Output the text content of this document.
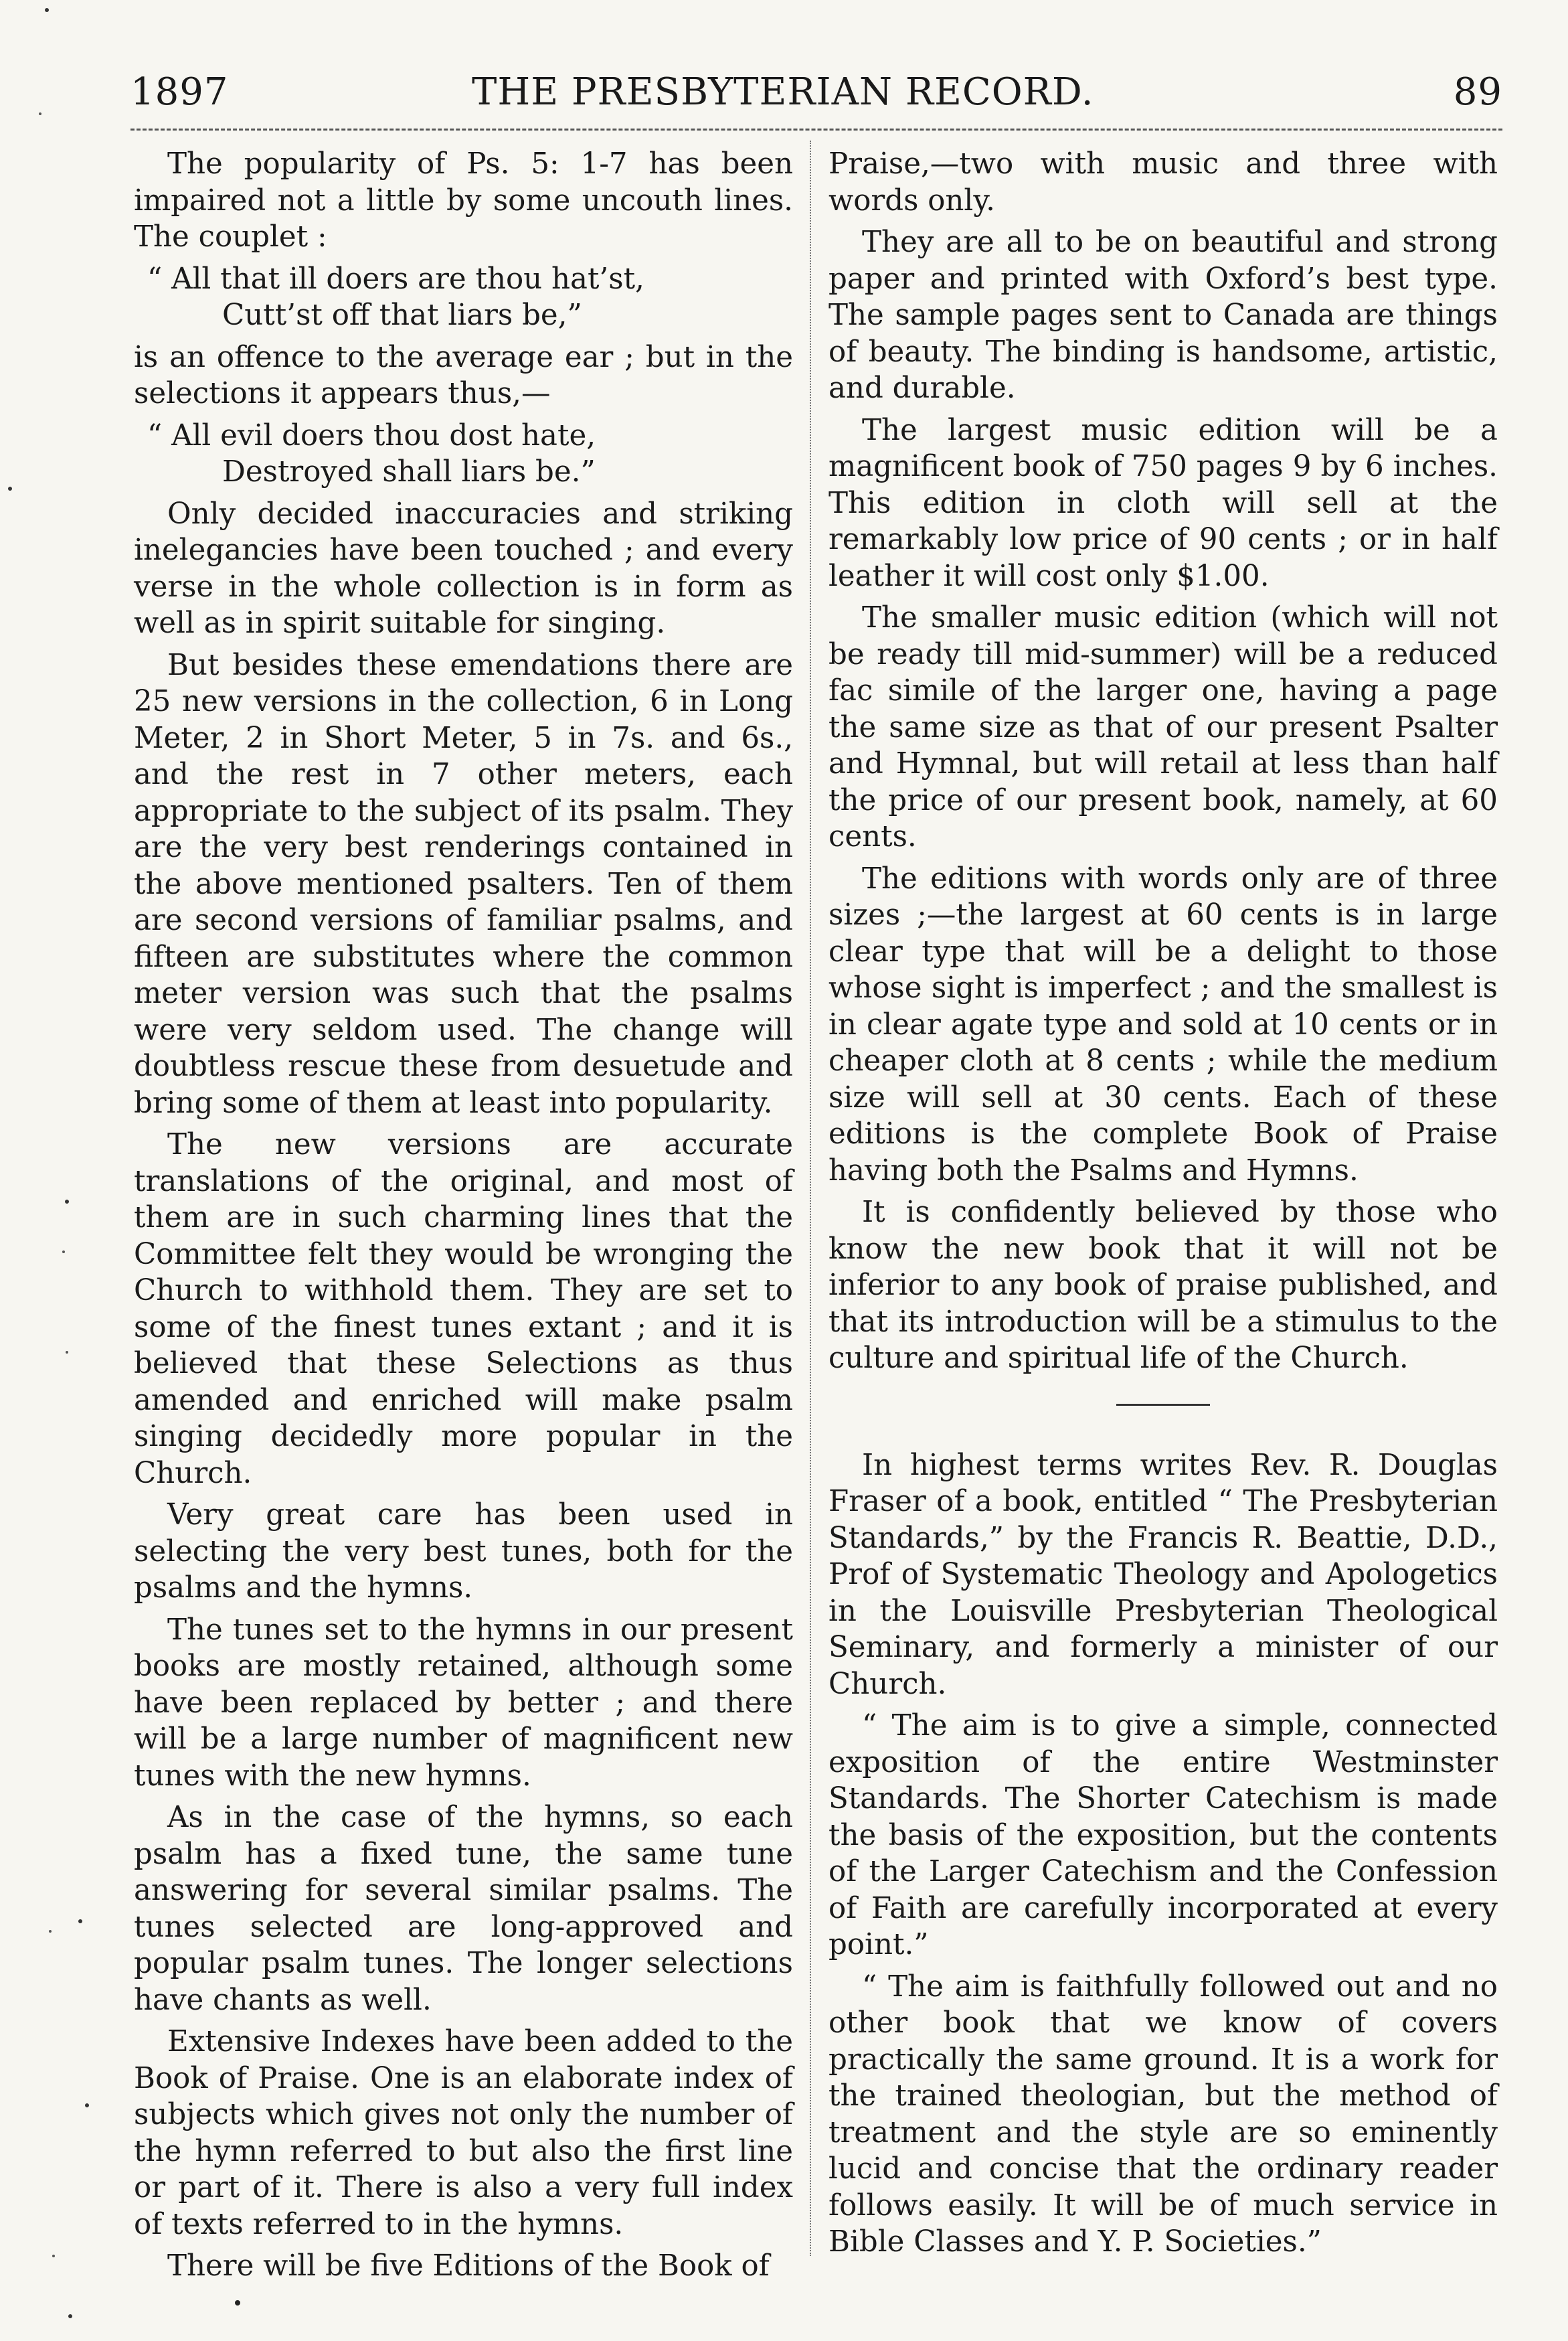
1897	THE PRESBYTERIAN RECORD.	89

The popularity of Ps. 5: 1-7 has been impaired not a little by some uncouth lines. The couplet :

“ All that ill doers are thou hat’st,
Cutt’st off that liars be,”

is an offence to the average ear ; but in the selections it appears thus,—

“ All evil doers thou dost hate,
Destroyed shall liars be.”

Only decided inaccuracies and striking inelegancies have been touched ; and every verse in the whole collection is in form as well as in spirit suitable for singing.

But besides these emendations there are 25 new versions in the collection, 6 in Long Meter, 2 in Short Meter, 5 in 7s. and 6s., and the rest in 7 other meters, each appropriate to the subject of its psalm. They are the very best renderings contained in the above mentioned psalters. Ten of them are second versions of familiar psalms, and fifteen are substitutes where the common meter version was such that the psalms were very seldom used. The change will doubtless rescue these from desuetude and bring some of them at least into popularity.

The new versions are accurate translations of the original, and most of them are in such charming lines that the Committee felt they would be wronging the Church to withhold them. They are set to some of the finest tunes extant ; and it is believed that these Selections as thus amended and enriched will make psalm singing decidedly more popular in the Church.

Very great care has been used in selecting the very best tunes, both for the psalms and the hymns.

The tunes set to the hymns in our present books are mostly retained, although some have been replaced by better ; and there will be a large number of magnificent new tunes with the new hymns.

As in the case of the hymns, so each psalm has a fixed tune, the same tune answering for several similar psalms. The tunes selected are long-approved and popular psalm tunes. The longer selections have chants as well.

Extensive Indexes have been added to the Book of Praise. One is an elaborate index of subjects which gives not only the number of the hymn referred to but also the first line or part of it. There is also a very full index of texts referred to in the hymns.

There will be five Editions of the Book of

Praise,—two with music and three with words only.

They are all to be on beautiful and strong paper and printed with Oxford’s best type. The sample pages sent to Canada are things of beauty. The binding is handsome, artistic, and durable.

The largest music edition will be a magnificent book of 750 pages 9 by 6 inches. This edition in cloth will sell at the remarkably low price of 90 cents ; or in half leather it will cost only $1.00.

The smaller music edition (which will not be ready till mid-summer) will be a reduced fac simile of the larger one, having a page the same size as that of our present Psalter and Hymnal, but will retail at less than half the price of our present book, namely, at 60 cents.

The editions with words only are of three sizes ;—the largest at 60 cents is in large clear type that will be a delight to those whose sight is imperfect ; and the smallest is in clear agate type and sold at 10 cents or in cheaper cloth at 8 cents ; while the medium size will sell at 30 cents. Each of these editions is the complete Book of Praise having both the Psalms and Hymns.

It is confidently believed by those who know the new book that it will not be inferior to any book of praise published, and that its introduction will be a stimulus to the culture and spiritual life of the Church.

In highest terms writes Rev. R. Douglas Fraser of a book, entitled “ The Presbyterian Standards,” by the Francis R. Beattie, D.D., Prof of Systematic Theology and Apologetics in the Louisville Presbyterian Theological Seminary, and formerly a minister of our Church.

“ The aim is to give a simple, connected exposition of the entire Westminster Standards. The Shorter Catechism is made the basis of the exposition, but the contents of the Larger Catechism and the Confession of Faith are carefully incorporated at every point.”

“ The aim is faithfully followed out and no other book that we know of covers practically the same ground. It is a work for the trained theologian, but the method of treatment and the style are so eminently lucid and concise that the ordinary reader follows easily. It will be of much service in Bible Classes and Y. P. Societies.”
